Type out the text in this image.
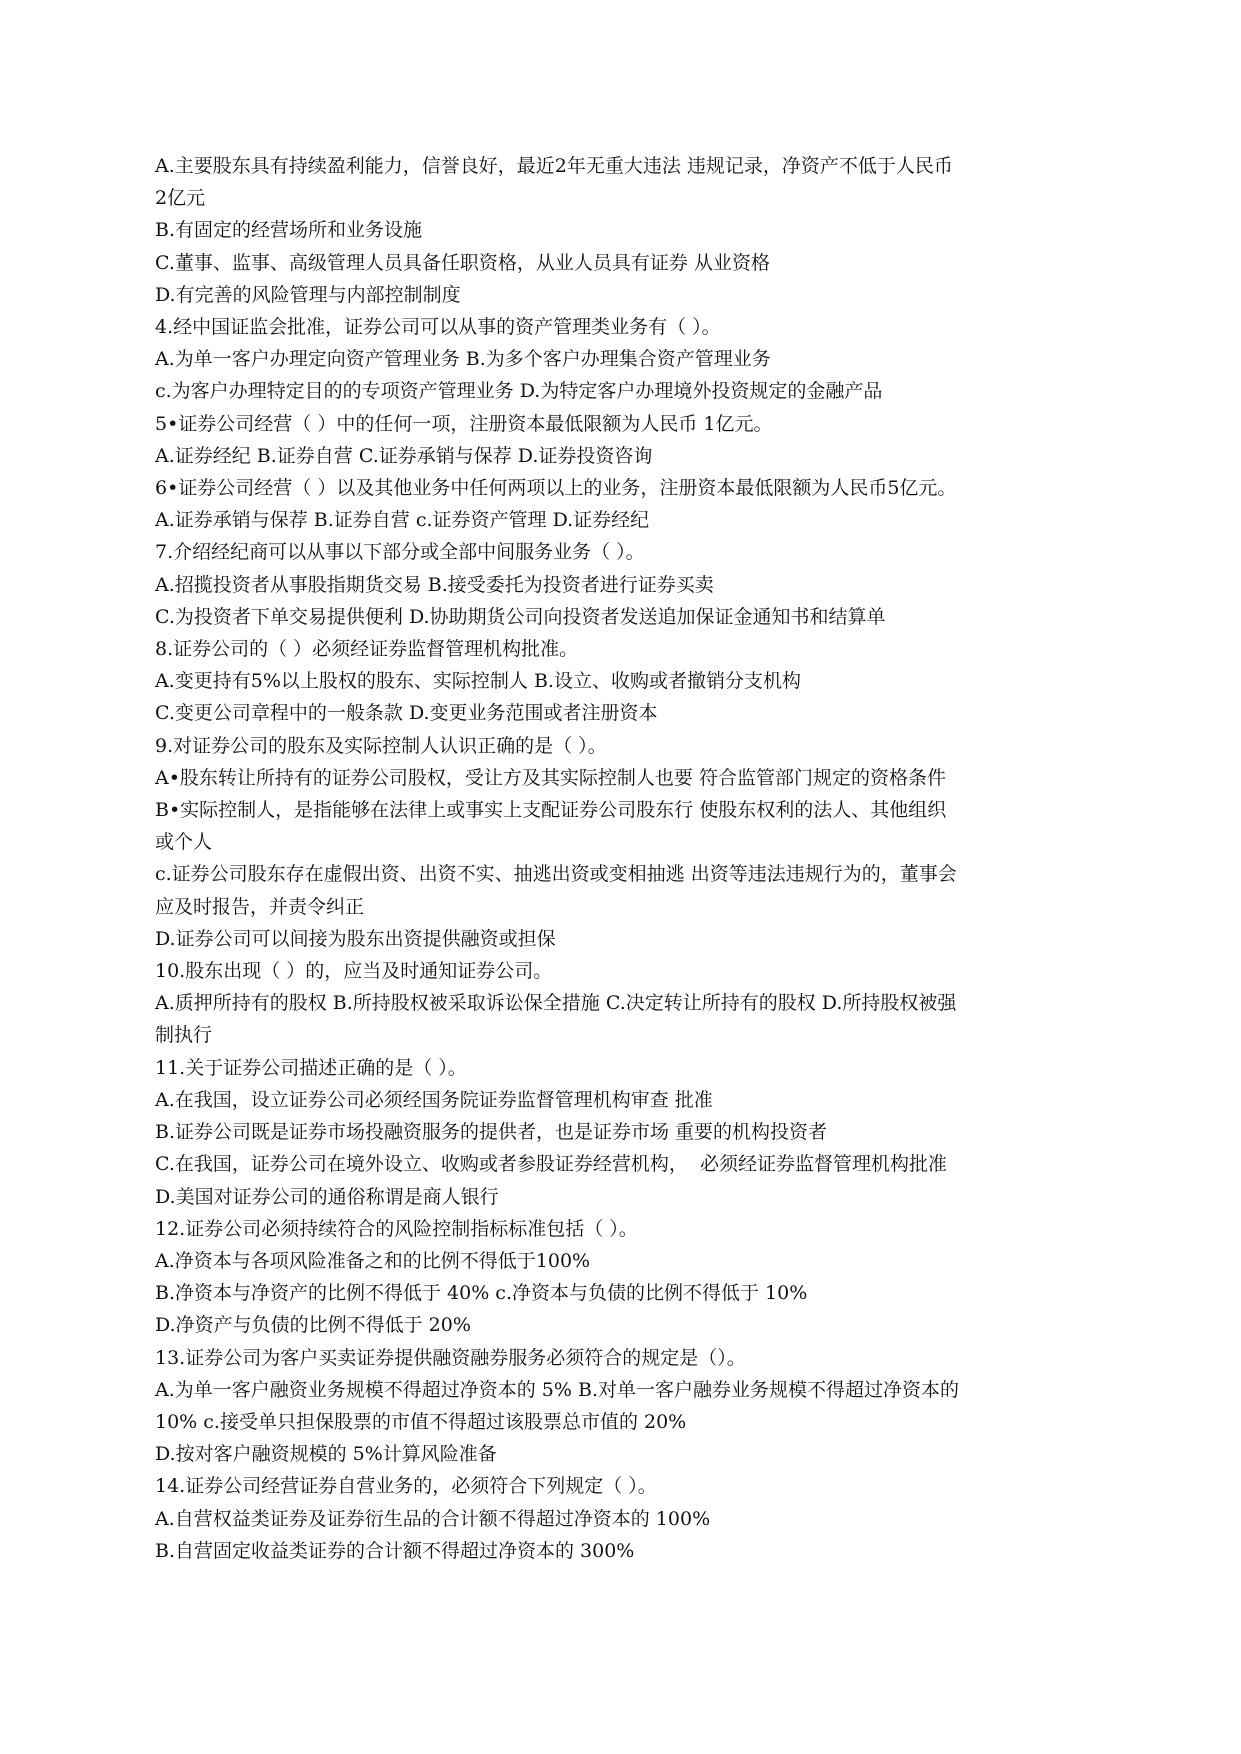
A.主要股东具有持续盈利能力，信誉良好，最近2年无重大违法 违规记录，净资产不低于人民币

2亿元

B.有固定的经营场所和业务设施

C.董事、监事、高级管理人员具备任职资格，从业人员具有证券 从业资格

D.有完善的风险管理与内部控制制度

4.经中国证监会批准，证券公司可以从事的资产管理类业务有（ ）。

A.为单一客户办理定向资产管理业务 B.为多个客户办理集合资产管理业务

c.为客户办理特定目的的专项资产管理业务 D.为特定客户办理境外投资规定的金融产品

5•证券公司经营（ ）中的任何一项，注册资本最低限额为人民币 1亿元。

A.证券经纪 B.证券自营 C.证券承销与保荐 D.证券投资咨询

6•证券公司经营（ ）以及其他业务中任何两项以上的业务，注册资本最低限额为人民币5亿元。

A.证券承销与保荐 B.证券自营 c.证券资产管理 D.证券经纪

7.介绍经纪商可以从事以下部分或全部中间服务业务（ ）。

A.招揽投资者从事股指期货交易 B.接受委托为投资者进行证券买卖

C.为投资者下单交易提供便利 D.协助期货公司向投资者发送追加保证金通知书和结算单

8.证券公司的（ ）必须经证券监督管理机构批准。

A.变更持有5%以上股权的股东、实际控制人 B.设立、收购或者撤销分支机构

C.变更公司章程中的一般条款 D.变更业务范围或者注册资本

9.对证券公司的股东及实际控制人认识正确的是（ ）。

A•股东转让所持有的证券公司股权，受让方及其实际控制人也要 符合监管部门规定的资格条件

B•实际控制人，是指能够在法律上或事实上支配证券公司股东行 使股东权利的法人、其他组织

或个人

c.证券公司股东存在虚假出资、出资不实、抽逃出资或变相抽逃 出资等违法违规行为的，董事会

应及时报告，并责令纠正

D.证券公司可以间接为股东出资提供融资或担保

10.股东出现（ ）的，应当及时通知证券公司。

A.质押所持有的股权 B.所持股权被采取诉讼保全措施 C.决定转让所持有的股权 D.所持股权被强

制执行

11.关于证券公司描述正确的是（ ）。

A.在我国，设立证券公司必须经国务院证券监督管理机构审查 批准

B.证券公司既是证券市场投融资服务的提供者，也是证券市场 重要的机构投资者

C.在我国，证券公司在境外设立、收购或者参股证券经营机构，  必须经证券监督管理机构批准

D.美国对证券公司的通俗称谓是商人银行

12.证券公司必须持续符合的风险控制指标标准包括（ ）。

A.净资本与各项风险准备之和的比例不得低于100%

B.净资本与净资产的比例不得低于 40% c.净资本与负债的比例不得低于 10%

D.净资产与负债的比例不得低于 20%

13.证券公司为客户买卖证券提供融资融券服务必须符合的规定是（）。

A.为单一客户融资业务规模不得超过净资本的 5% B.对单一客户融券业务规模不得超过净资本的

10% c.接受单只担保股票的市值不得超过该股票总市值的 20%

D.按对客户融资规模的 5%计算风险准备

14.证券公司经营证券自营业务的，必须符合下列规定（ ）。

A.自营权益类证券及证券衍生品的合计额不得超过净资本的 100%

B.自营固定收益类证券的合计额不得超过净资本的 300%
